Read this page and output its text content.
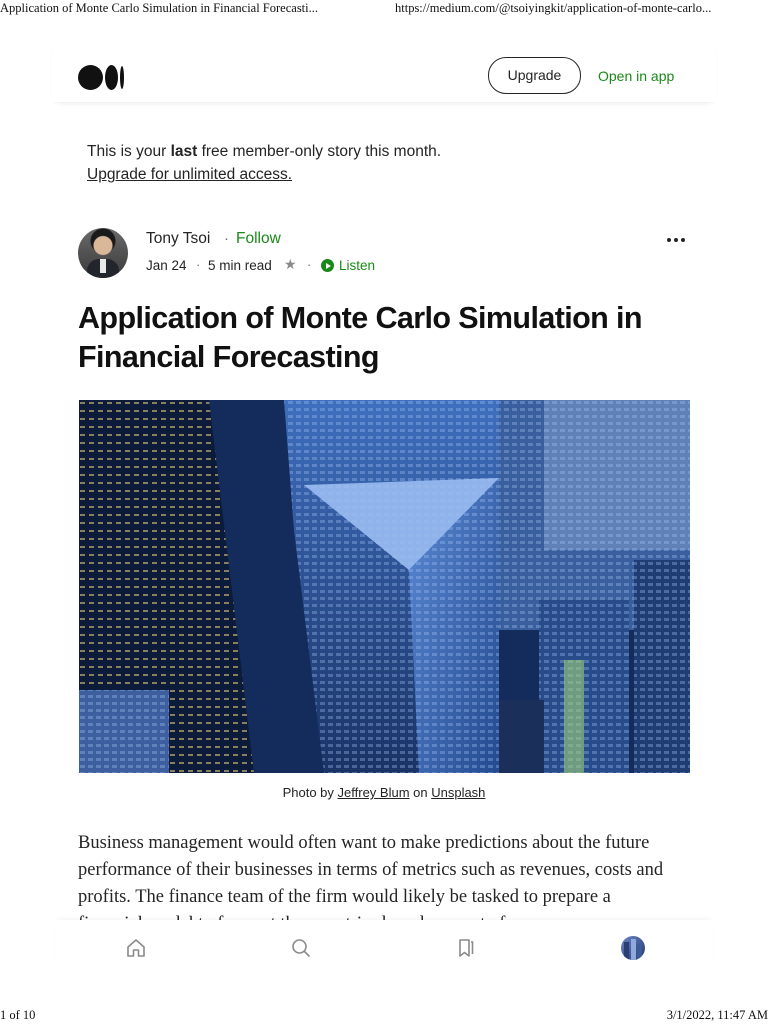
Application of Monte Carlo Simulation in Financial Forecasti...	https://medium.com/@tsoiyingkit/application-of-monte-carlo...
Upgrade	Open in app
This is your last free member-only story this month.
Upgrade for unlimited access.
Tony Tsoi · Follow
Jan 24 · 5 min read ★ · Listen
Application of Monte Carlo Simulation in Financial Forecasting
Photo by Jeffrey Blum on Unsplash

Business management would often want to make predictions about the future performance of their businesses in terms of metrics such as revenues, costs and profits. The finance team of the firm would likely be tasked to prepare a

1 of 10	3/1/2022, 11:47 AM
